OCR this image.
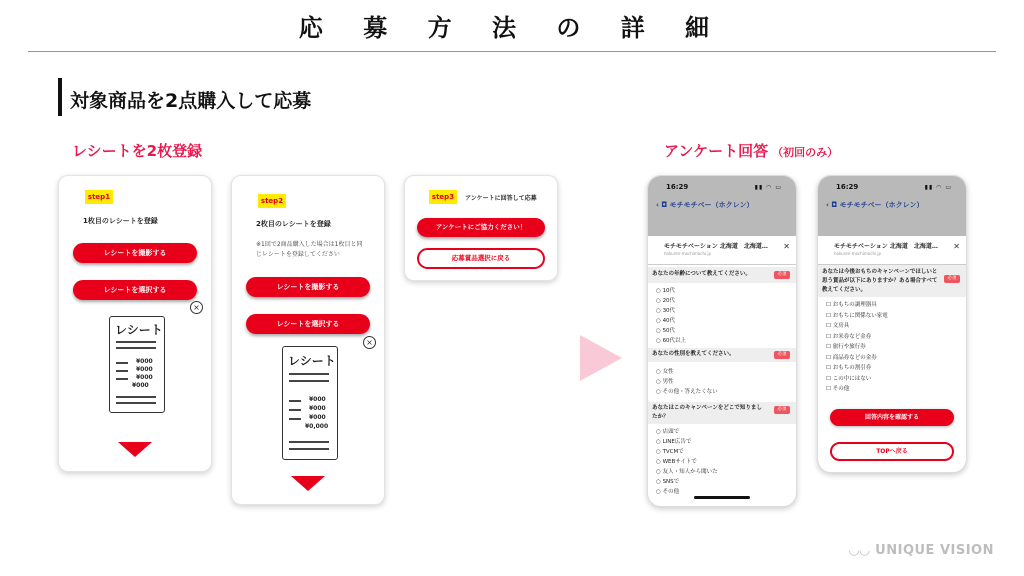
応 募 方 法 の 詳 細
対象商品を2点購入して応募
レシートを2枚登録	アンケート回答 （初回のみ）
step1
1枚目のレシートを登録
レシートを撮影する
レシートを選択する
×
レシート
¥000
¥000
¥000
¥000
step2
2枚目のレシートを登録
※1回で2商品購入した場合は1枚目と同じレシートを登録してください
レシートを撮影する
レシートを選択する
×
レシート
¥000
¥000
¥000
¥0,000
step3	アンケートに回答して応募
アンケートにご協力ください！
応募賞品選択に戻る
16:29	▮▮ ◠ ▭
‹ ◘ モチモチベー（ホクレン）
モチモチベーション 北海道　北海道…
hokuren-mochimochi.jp
✕
あなたの年齢について教えてください。	必須
○ 10代
○ 20代
○ 30代
○ 40代
○ 50代
○ 60代以上
あなたの性別を教えてください。	必須
○ 女性
○ 男性
○ その他・答えたくない
あなたはこのキャンペーンをどこで知りましたか？
必須
○ 店頭で
○ LINE広告で
○ TVCMで
○ WEBサイトで
○ 友人・知人から聞いた
○ SNSで
○ その他
16:29	▮▮ ◠ ▭
‹ ◘ モチモチベー（ホクレン）
モチモチベーション 北海道　北海道…
hokuren-mochimochi.jp
✕
あなたは今後おもちのキャンペーンでほしいと思う賞品が以下にありますか？ある場合すべて教えてください。
必須
☐ おもちの調理器具
☐ おもちに関係ない家電
☐ 文房具
☐ お米券など金券
☐ 旅行や旅行券
☐ 商品券などの金券
☐ おもちの割引券
☐ この中にはない
☐ その他
回答内容を確認する
TOPへ戻る
◡◡ UNIQUE VISION
